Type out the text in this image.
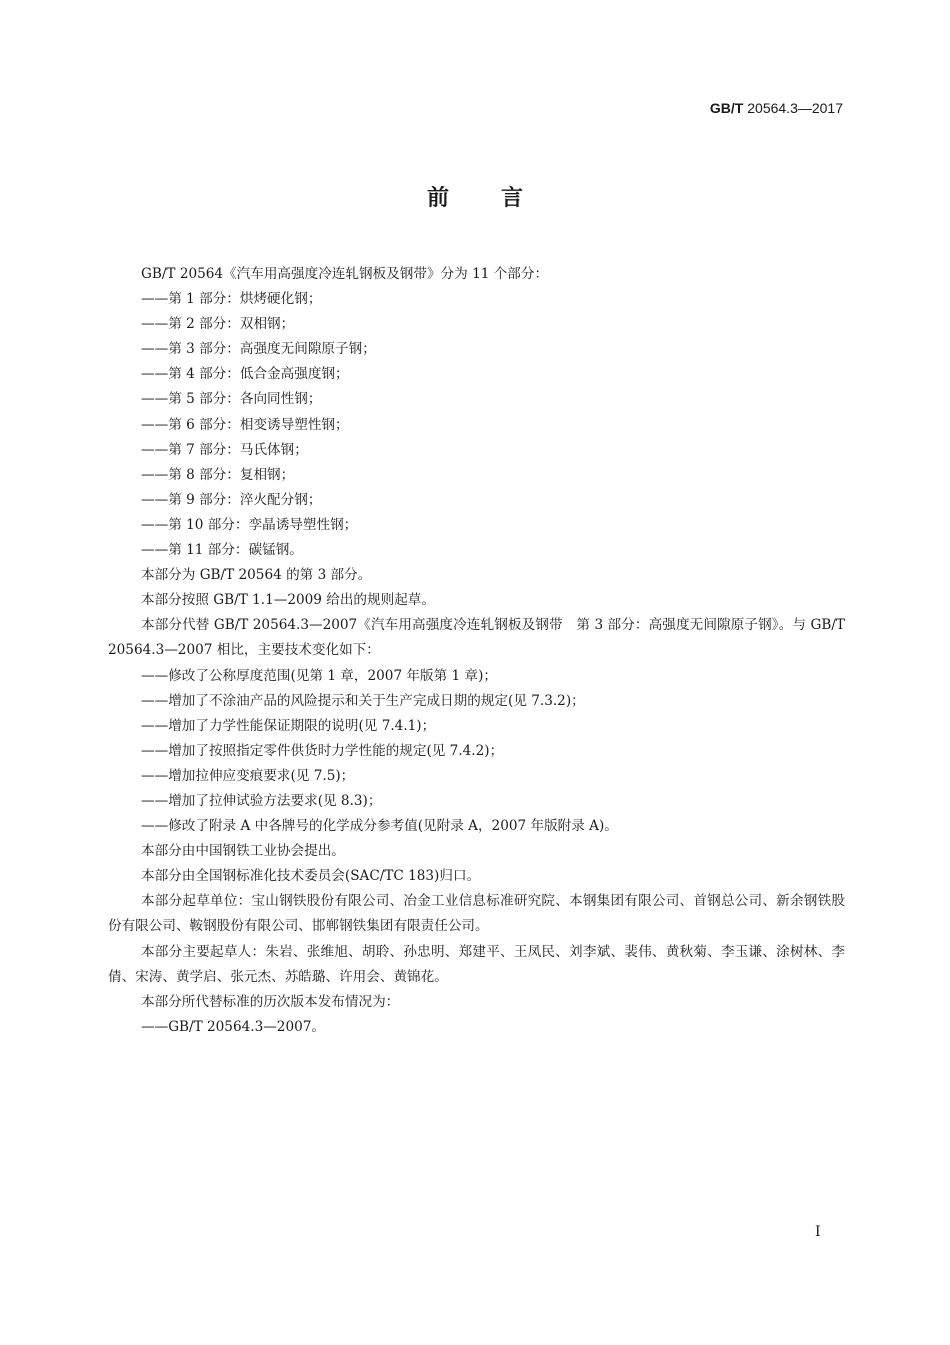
GB/T 20564.3—2017
前言

GB/T 20564《汽车用高强度冷连轧钢板及钢带》分为 11 个部分：

——第 1 部分：烘烤硬化钢；

——第 2 部分：双相钢；

——第 3 部分：高强度无间隙原子钢；

——第 4 部分：低合金高强度钢；

——第 5 部分：各向同性钢；

——第 6 部分：相变诱导塑性钢；

——第 7 部分：马氏体钢；

——第 8 部分：复相钢；

——第 9 部分：淬火配分钢；

——第 10 部分：孪晶诱导塑性钢；

——第 11 部分：碳锰钢。

本部分为 GB/T 20564 的第 3 部分。

本部分按照 GB/T 1.1—2009 给出的规则起草。

本部分代替 GB/T 20564.3—2007《汽车用高强度冷连轧钢板及钢带　第 3 部分：高强度无间隙原子钢》。与 GB/T 20564.3—2007 相比，主要技术变化如下：

——修改了公称厚度范围(见第 1 章，2007 年版第 1 章)；

——增加了不涂油产品的风险提示和关于生产完成日期的规定(见 7.3.2)；

——增加了力学性能保证期限的说明(见 7.4.1)；

——增加了按照指定零件供货时力学性能的规定(见 7.4.2)；

——增加拉伸应变痕要求(见 7.5)；

——增加了拉伸试验方法要求(见 8.3)；

——修改了附录 A 中各牌号的化学成分参考值(见附录 A，2007 年版附录 A)。

本部分由中国钢铁工业协会提出。

本部分由全国钢标准化技术委员会(SAC/TC 183)归口。

本部分起草单位：宝山钢铁股份有限公司、冶金工业信息标准研究院、本钢集团有限公司、首钢总公司、新余钢铁股份有限公司、鞍钢股份有限公司、邯郸钢铁集团有限责任公司。

本部分主要起草人：朱岩、张维旭、胡聆、孙忠明、郑建平、王凤民、刘李斌、裴伟、黄秋菊、李玉谦、涂树林、李倩、宋涛、黄学启、张元杰、苏皓璐、许用会、黄锦花。

本部分所代替标准的历次版本发布情况为：

——GB/T 20564.3—2007。

I
